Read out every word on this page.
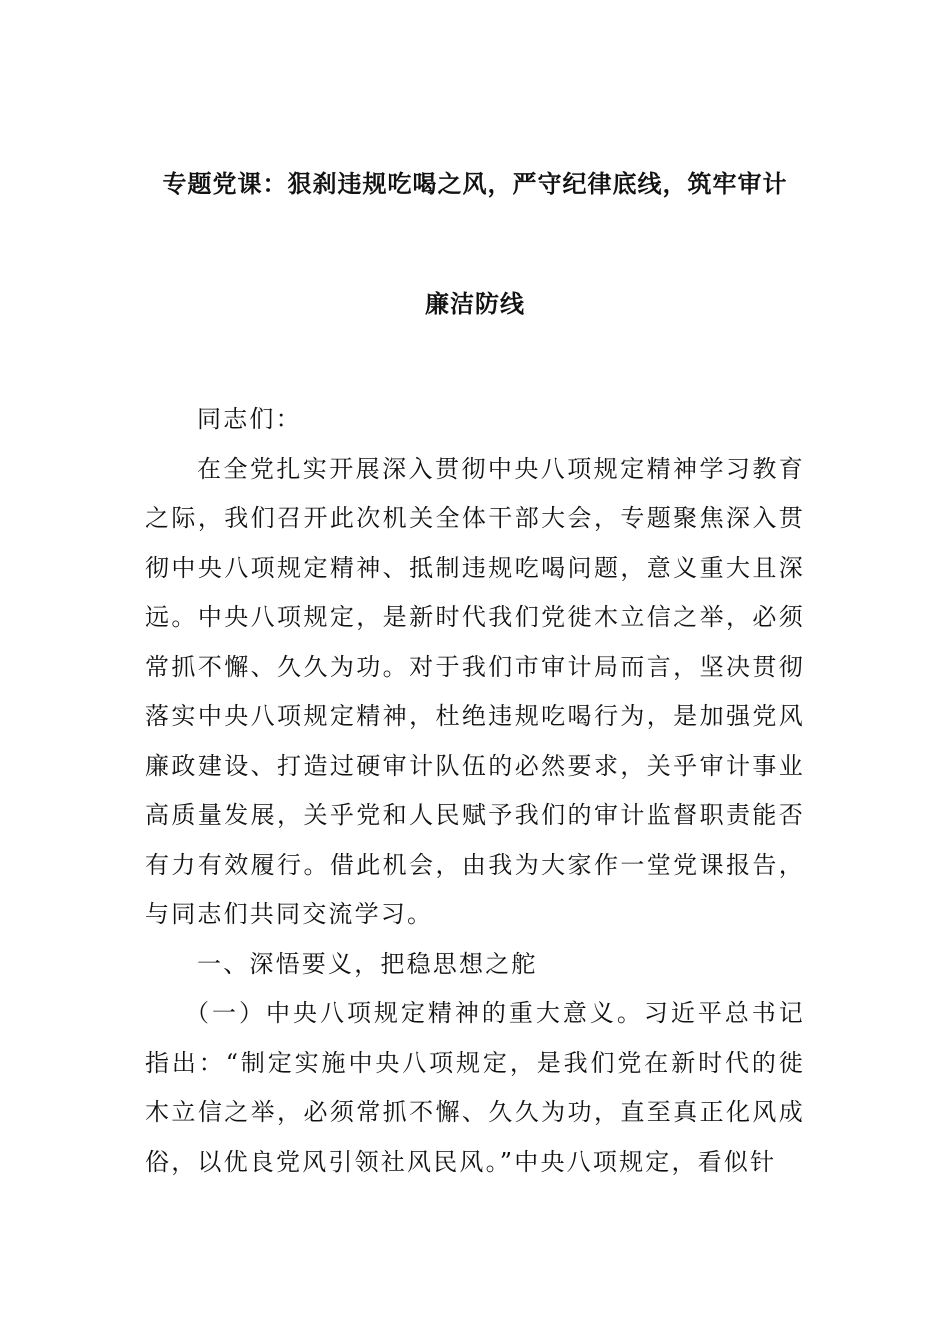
专题党课：狠刹违规吃喝之风，严守纪律底线，筑牢审计
廉洁防线

同志们：

在全党扎实开展深入贯彻中央八项规定精神学习教育之际，我们召开此次机关全体干部大会，专题聚焦深入贯彻中央八项规定精神、抵制违规吃喝问题，意义重大且深远。中央八项规定，是新时代我们党徙木立信之举，必须常抓不懈、久久为功。对于我们市审计局而言，坚决贯彻落实中央八项规定精神，杜绝违规吃喝行为，是加强党风廉政建设、打造过硬审计队伍的必然要求，关乎审计事业高质量发展，关乎党和人民赋予我们的审计监督职责能否有力有效履行。借此机会，由我为大家作一堂党课报告，与同志们共同交流学习。

一、深悟要义，把稳思想之舵

（一）中央八项规定精神的重大意义。习近平总书记指出：“制定实施中央八项规定，是我们党在新时代的徙木立信之举，必须常抓不懈、久久为功，直至真正化风成俗，以优良党风引领社风民风。”中央八项规定，看似针
